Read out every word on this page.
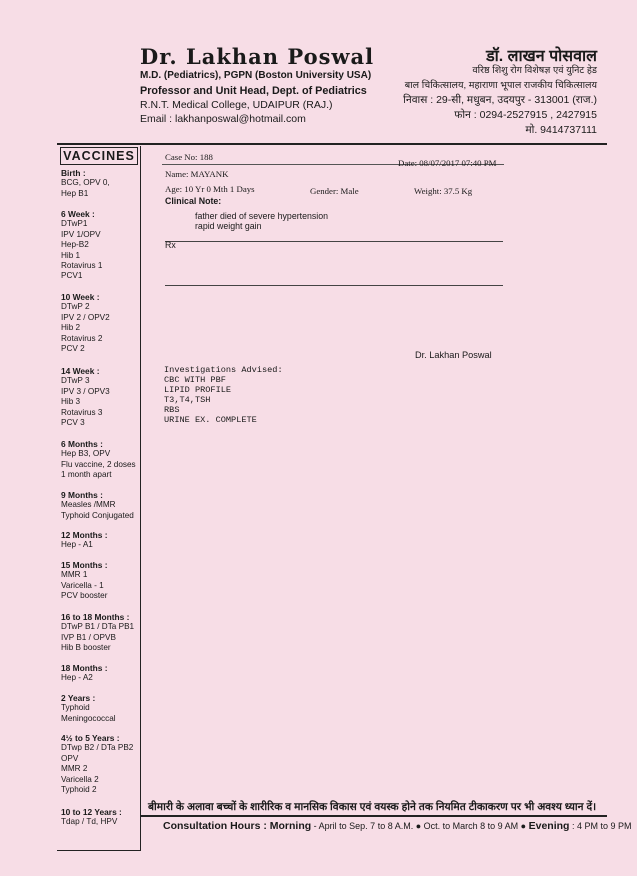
Dr. Lakhan Poswal
M.D. (Pediatrics), PGPN (Boston University USA)
Professor and Unit Head, Dept. of Pediatrics
R.N.T. Medical College, UDAIPUR (RAJ.)
Email : lakhanposwal@hotmail.com
डॉ. लाखन पोसवाल
वरिष्ठ शिशु रोग विशेषज्ञ एवं युनिट हेड
बाल चिकित्सालय, महाराणा भूपाल राजकीय चिकित्सालय
निवास : 29-सी, मधुबन, उदयपुर - 313001 (राज.)
फोन : 0294-2527915 , 2427915
मो. 9414737111
VACCINES
Birth :
BCG, OPV 0,
Hep B1
6 Week :
DTwP1
IPV 1/OPV
Hep-B2
Hib 1
Rotavirus 1
PCV1
10 Week :
DTwP 2
IPV 2 / OPV2
Hib 2
Rotavirus 2
PCV 2
14 Week :
DTwP 3
IPV 3 / OPV3
Hib 3
Rotavirus 3
PCV 3
6 Months :
Hep B3, OPV
Flu vaccine, 2 doses
1 month apart
9 Months :
Measles /MMR
Typhoid Conjugated
12 Months :
Hep - A1
15 Months :
MMR 1
Varicella - 1
PCV booster
16 to 18 Months :
DTwP B1 / DTa PB1
IVP B1 / OPVB
Hib B booster
18 Months :
Hep - A2
2 Years :
Typhoid
Meningococcal
4½ to 5 Years :
DTwp B2 / DTa PB2
OPV
MMR 2
Varicella 2
Typhoid 2
10 to 12 Years :
Tdap / Td, HPV
Case No: 188
Date: 08/07/2017 07:40 PM
Name: MAYANK
Age: 10 Yr 0 Mth 1 Days	Gender: Male	Weight: 37.5 Kg
Clinical Note:
father died of severe hypertension
rapid weight gain
Rx
Dr. Lakhan Poswal
Investigations Advised:
CBC WITH PBF
LIPID PROFILE
T3,T4,TSH
RBS
URINE EX. COMPLETE
बीमारी के अलावा बच्चों के शारीरिक व मानसिक विकास एवं वयस्क होने तक नियमित टीकाकरण पर भी अवश्य ध्यान दें।
Consultation Hours : Morning - April to Sep. 7 to 8 A.M. ● Oct. to March 8 to 9 AM ● Evening : 4 PM to 9 PM
